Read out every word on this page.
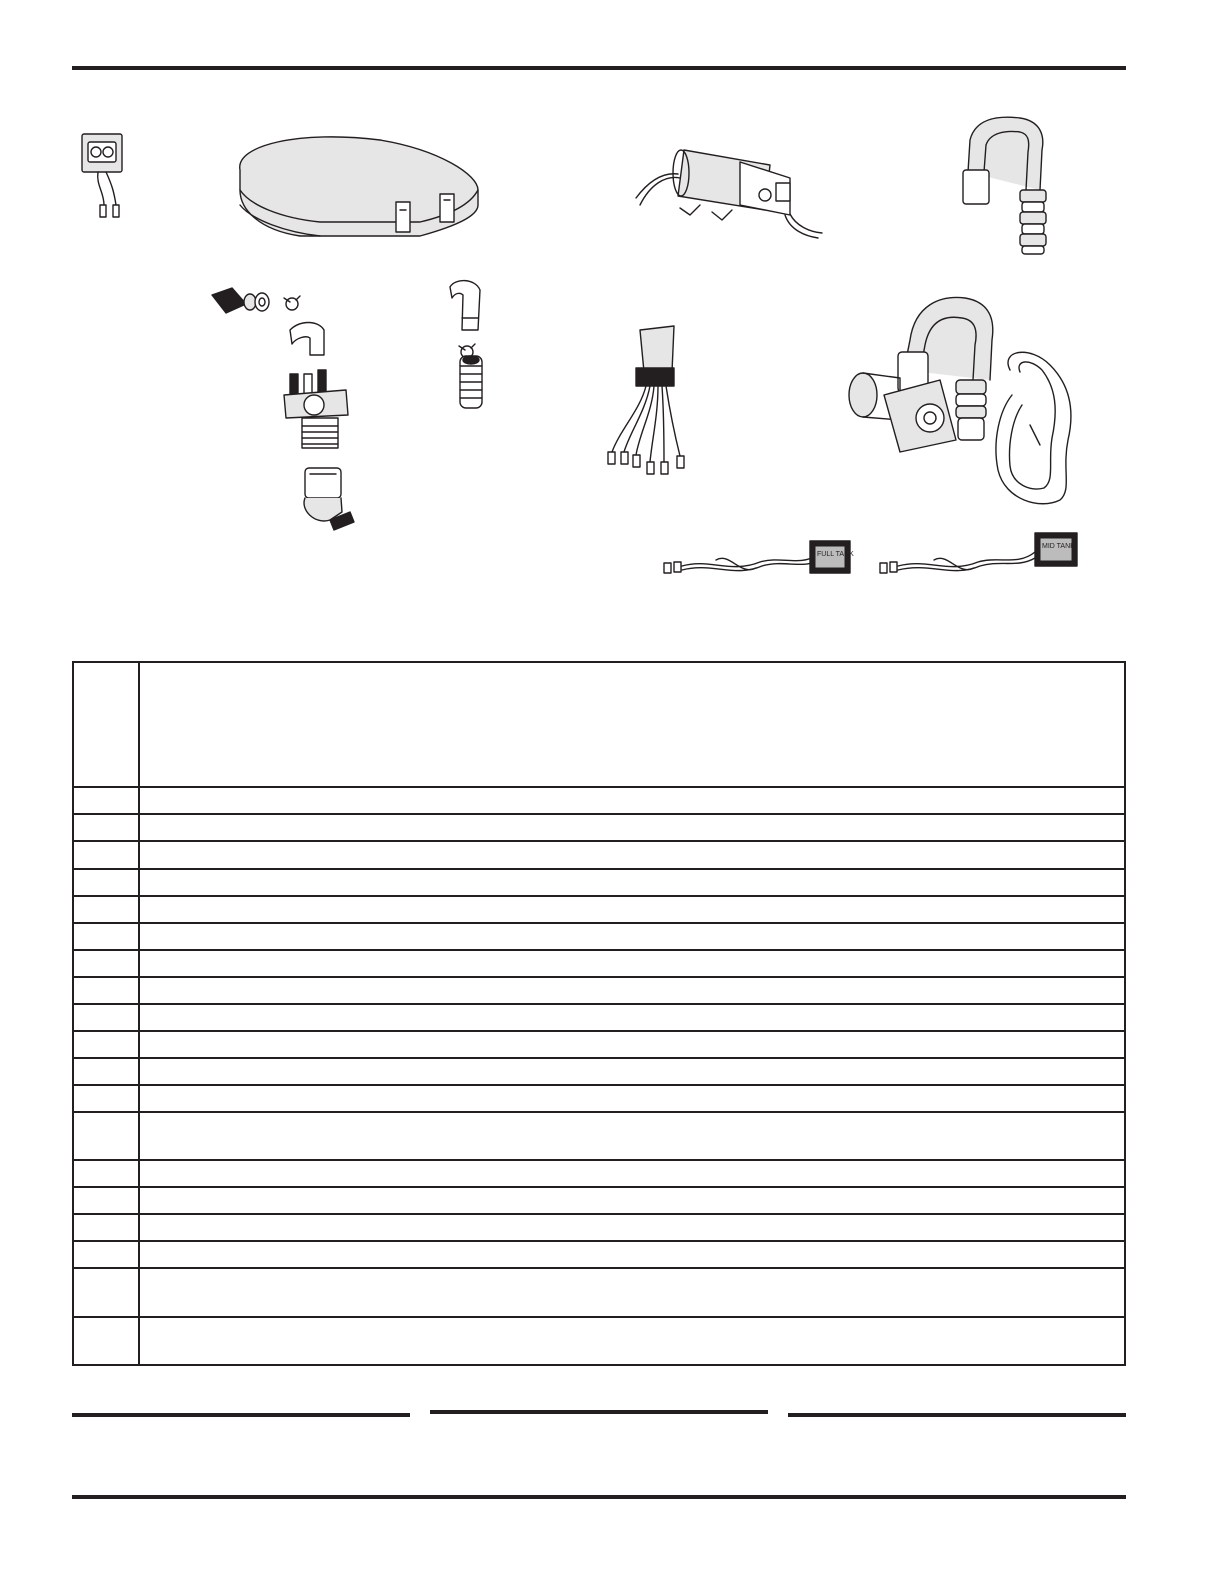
FULL TANK
MID TANK
